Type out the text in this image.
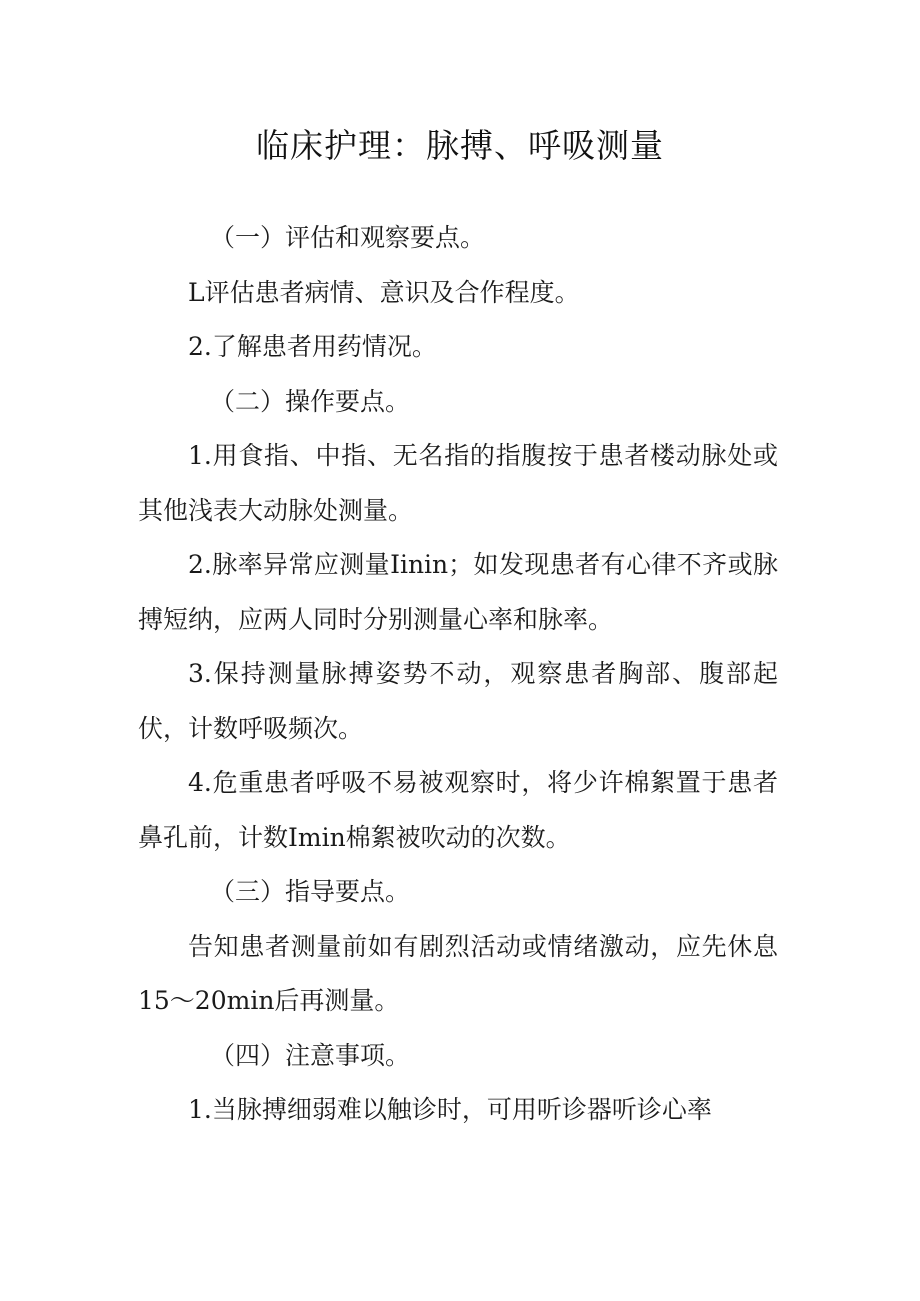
临床护理：脉搏、呼吸测量

（一）评估和观察要点。

L评估患者病情、意识及合作程度。

2.了解患者用药情况。

（二）操作要点。

1.用食指、中指、无名指的指腹按于患者楼动脉处或其他浅表大动脉处测量。

2.脉率异常应测量Iinin；如发现患者有心律不齐或脉搏短纳，应两人同时分别测量心率和脉率。

3.保持测量脉搏姿势不动，观察患者胸部、腹部起伏，计数呼吸频次。

4.危重患者呼吸不易被观察时，将少许棉絮置于患者鼻孔前，计数Imin棉絮被吹动的次数。

（三）指导要点。

告知患者测量前如有剧烈活动或情绪激动，应先休息15～20min后再测量。

（四）注意事项。

1.当脉搏细弱难以触诊时，可用听诊器听诊心率
